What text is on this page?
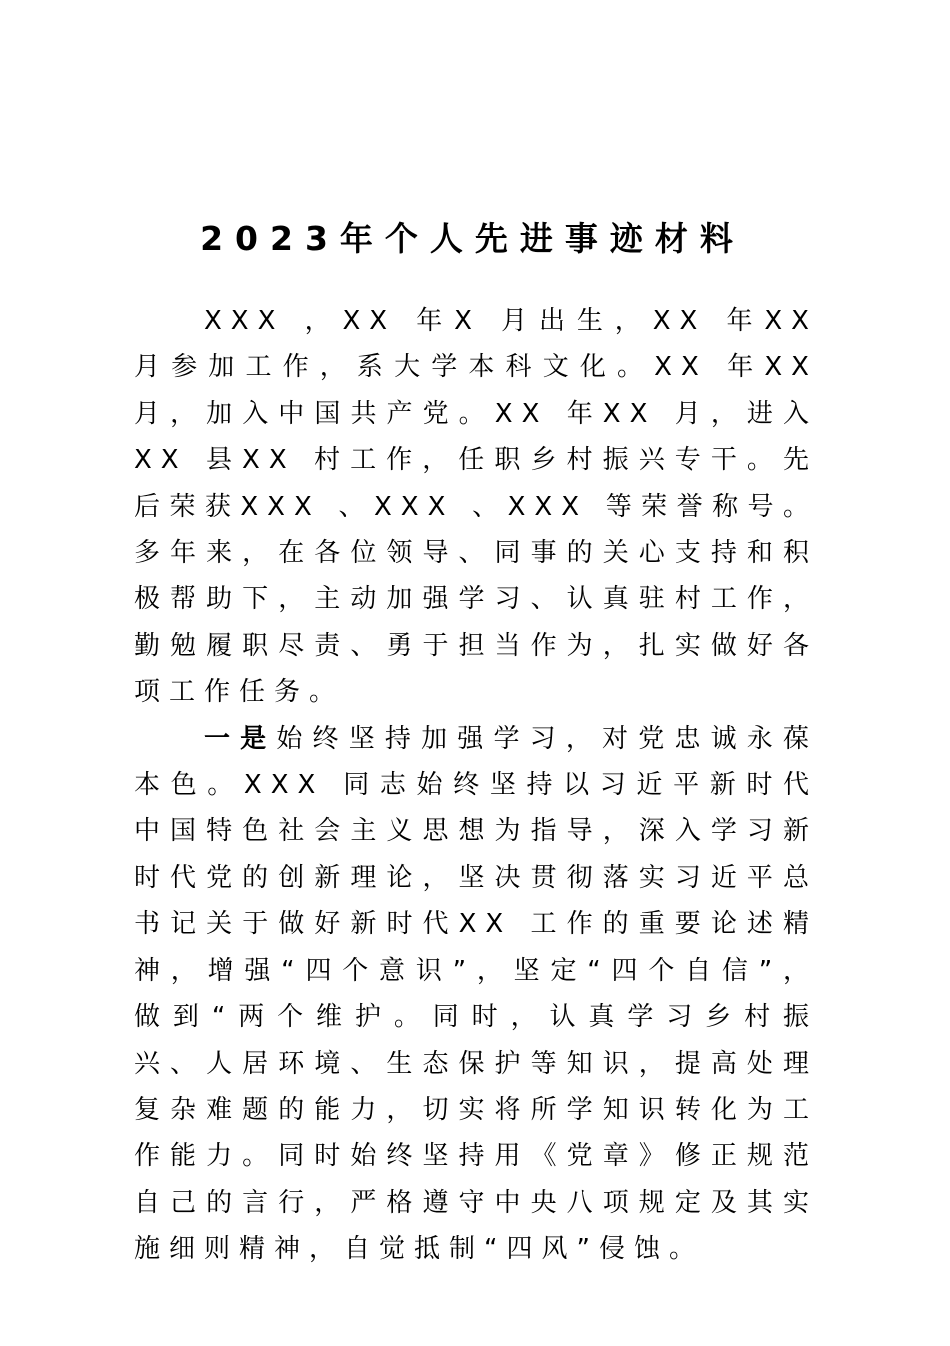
2023年个人先进事迹材料

XXX ，XX 年X 月出生，XX 年XX 月参加工作，系大学本科文化。XX 年XX 月，加入中国共产党。XX 年XX 月，进入XX 县XX 村工作，任职乡村振兴专干。先后荣获XXX 、XXX 、XXX 等荣誉称号。多年来，在各位领导、同事的关心支持和积极帮助下，主动加强学习、认真驻村工作，勤勉履职尽责、勇于担当作为，扎实做好各项工作任务。

一是始终坚持加强学习，对党忠诚永葆本色。XXX 同志始终坚持以习近平新时代中国特色社会主义思想为指导，深入学习新时代党的创新理论，坚决贯彻落实习近平总书记关于做好新时代XX 工作的重要论述精神，增强“四个意识”，坚定“四个自信”，做到“两个维护。同时，认真学习乡村振兴、人居环境、生态保护等知识，提高处理复杂难题的能力，切实将所学知识转化为工作能力。同时始终坚持用《党章》修正规范自己的言行，严格遵守中央八项规定及其实施细则精神，自觉抵制“四风”侵蚀。
